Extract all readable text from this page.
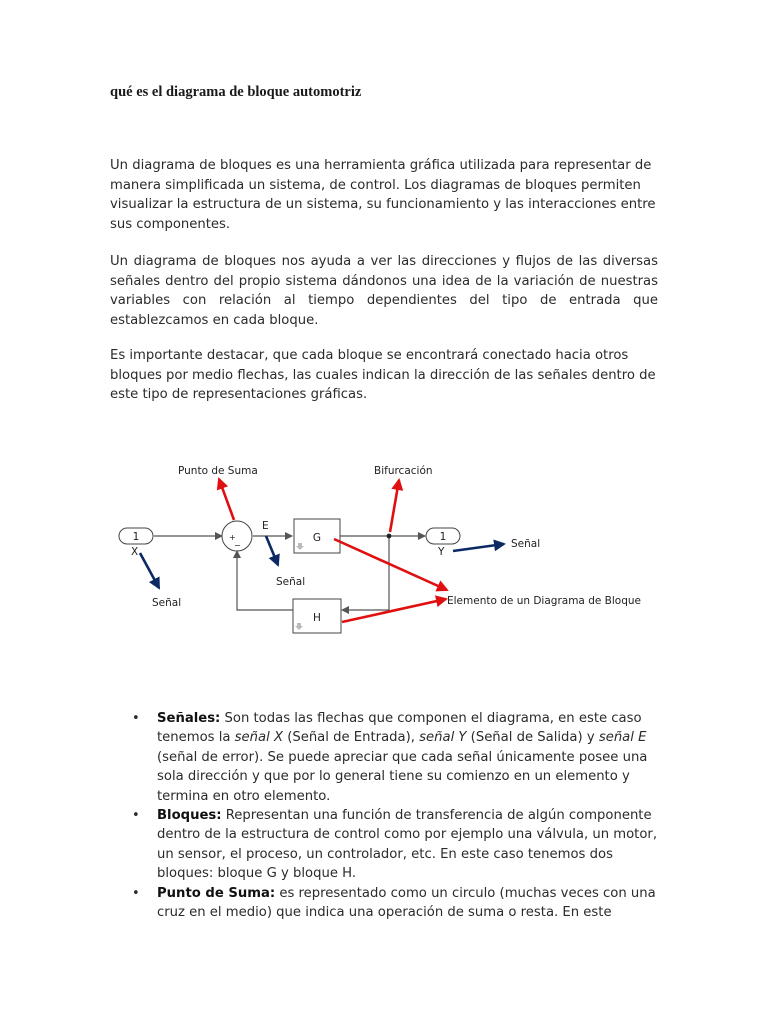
qué es el diagrama de bloque automotriz

Un diagrama de bloques es una herramienta gráfica utilizada para representar de manera simplificada un sistema, de control. Los diagramas de bloques permiten visualizar la estructura de un sistema, su funcionamiento y las interacciones entre sus componentes.

Un diagrama de bloques nos ayuda a ver las direcciones y flujos de las diversas señales dentro del propio sistema dándonos una idea de la variación de nuestras variables con relación al tiempo dependientes del tipo de entrada que establezcamos en cada bloque.

Es importante destacar, que cada bloque se encontrará conectado hacia otros bloques por medio flechas, las cuales indican la dirección de las señales dentro de este tipo de representaciones gráficas.

1
X
+
−
E
G
H
1
Y
Punto de Suma	Bifurcación
Señal
Señal
Señal
Elemento de un Diagrama de Bloque
• Señales: Son todas las flechas que componen el diagrama, en este caso tenemos la señal X (Señal de Entrada), señal Y (Señal de Salida) y señal E (señal de error). Se puede apreciar que cada señal únicamente posee una sola dirección y que por lo general tiene su comienzo en un elemento y termina en otro elemento.
• Bloques: Representan una función de transferencia de algún componente dentro de la estructura de control como por ejemplo una válvula, un motor, un sensor, el proceso, un controlador, etc. En este caso tenemos dos bloques: bloque G y bloque H.
• Punto de Suma: es representado como un circulo (muchas veces con una cruz en el medio) que indica una operación de suma o resta. En este
